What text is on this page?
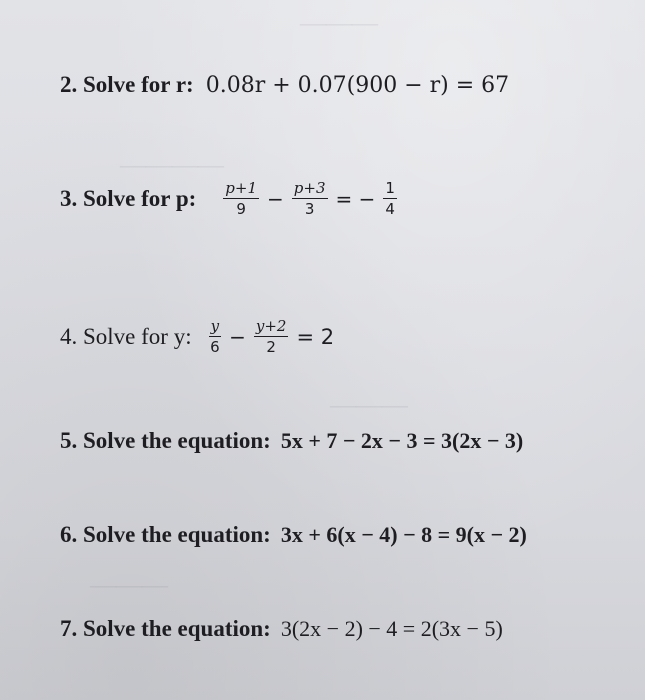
———
————
———
———
2. Solve for r: 0.08r + 0.07(900 − r) = 67
3. Solve for p: $\frac{p+1}{9} - \frac{p+3}{3}$ = − $\frac{1}{4}$
4. Solve for y: $\frac{y}{6} - \frac{y+2}{2} = 2$
5. Solve the equation: 5x + 7 − 2x − 3 = 3(2x − 3)
6. Solve the equation: 3x + 6(x − 4) − 8 = 9(x − 2)
7. Solve the equation: 3(2x − 2) − 4 = 2(3x − 5)
